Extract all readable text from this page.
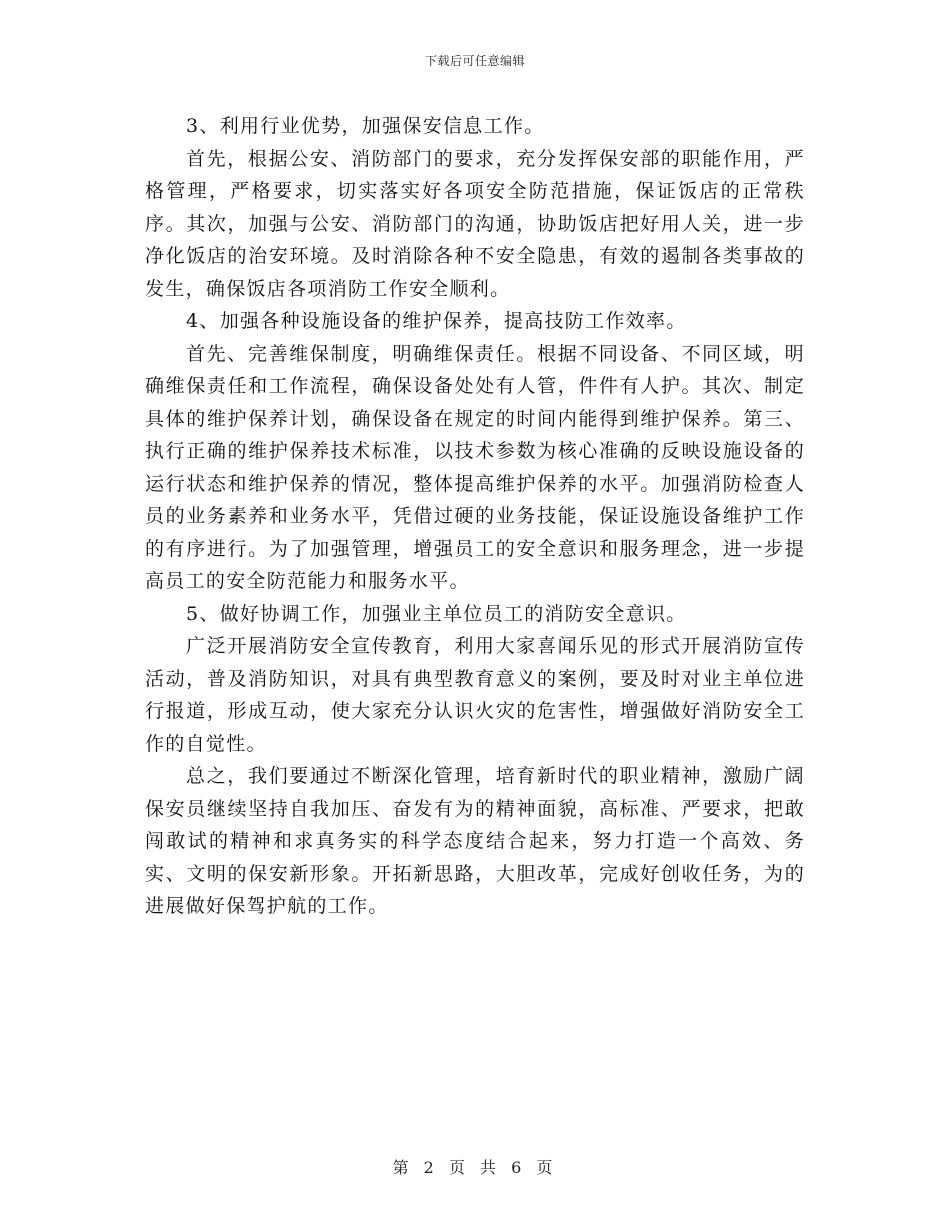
下载后可任意编辑

3、利用行业优势，加强保安信息工作。

首先，根据公安、消防部门的要求，充分发挥保安部的职能作用，严格管理，严格要求，切实落实好各项安全防范措施，保证饭店的正常秩序。其次，加强与公安、消防部门的沟通，协助饭店把好用人关，进一步净化饭店的治安环境。及时消除各种不安全隐患，有效的遏制各类事故的发生，确保饭店各项消防工作安全顺利。

4、加强各种设施设备的维护保养，提高技防工作效率。

首先、完善维保制度，明确维保责任。根据不同设备、不同区域，明确维保责任和工作流程，确保设备处处有人管，件件有人护。其次、制定具体的维护保养计划，确保设备在规定的时间内能得到维护保养。第三、执行正确的维护保养技术标准，以技术参数为核心准确的反映设施设备的运行状态和维护保养的情况，整体提高维护保养的水平。加强消防检查人员的业务素养和业务水平，凭借过硬的业务技能，保证设施设备维护工作的有序进行。为了加强管理，增强员工的安全意识和服务理念，进一步提高员工的安全防范能力和服务水平。

5、做好协调工作，加强业主单位员工的消防安全意识。

广泛开展消防安全宣传教育，利用大家喜闻乐见的形式开展消防宣传活动，普及消防知识，对具有典型教育意义的案例，要及时对业主单位进行报道，形成互动，使大家充分认识火灾的危害性，增强做好消防安全工作的自觉性。

总之，我们要通过不断深化管理，培育新时代的职业精神，激励广阔保安员继续坚持自我加压、奋发有为的精神面貌，高标准、严要求，把敢闯敢试的精神和求真务实的科学态度结合起来，努力打造一个高效、务实、文明的保安新形象。开拓新思路，大胆改革，完成好创收任务，为的进展做好保驾护航的工作。

第 2 页 共 6 页
